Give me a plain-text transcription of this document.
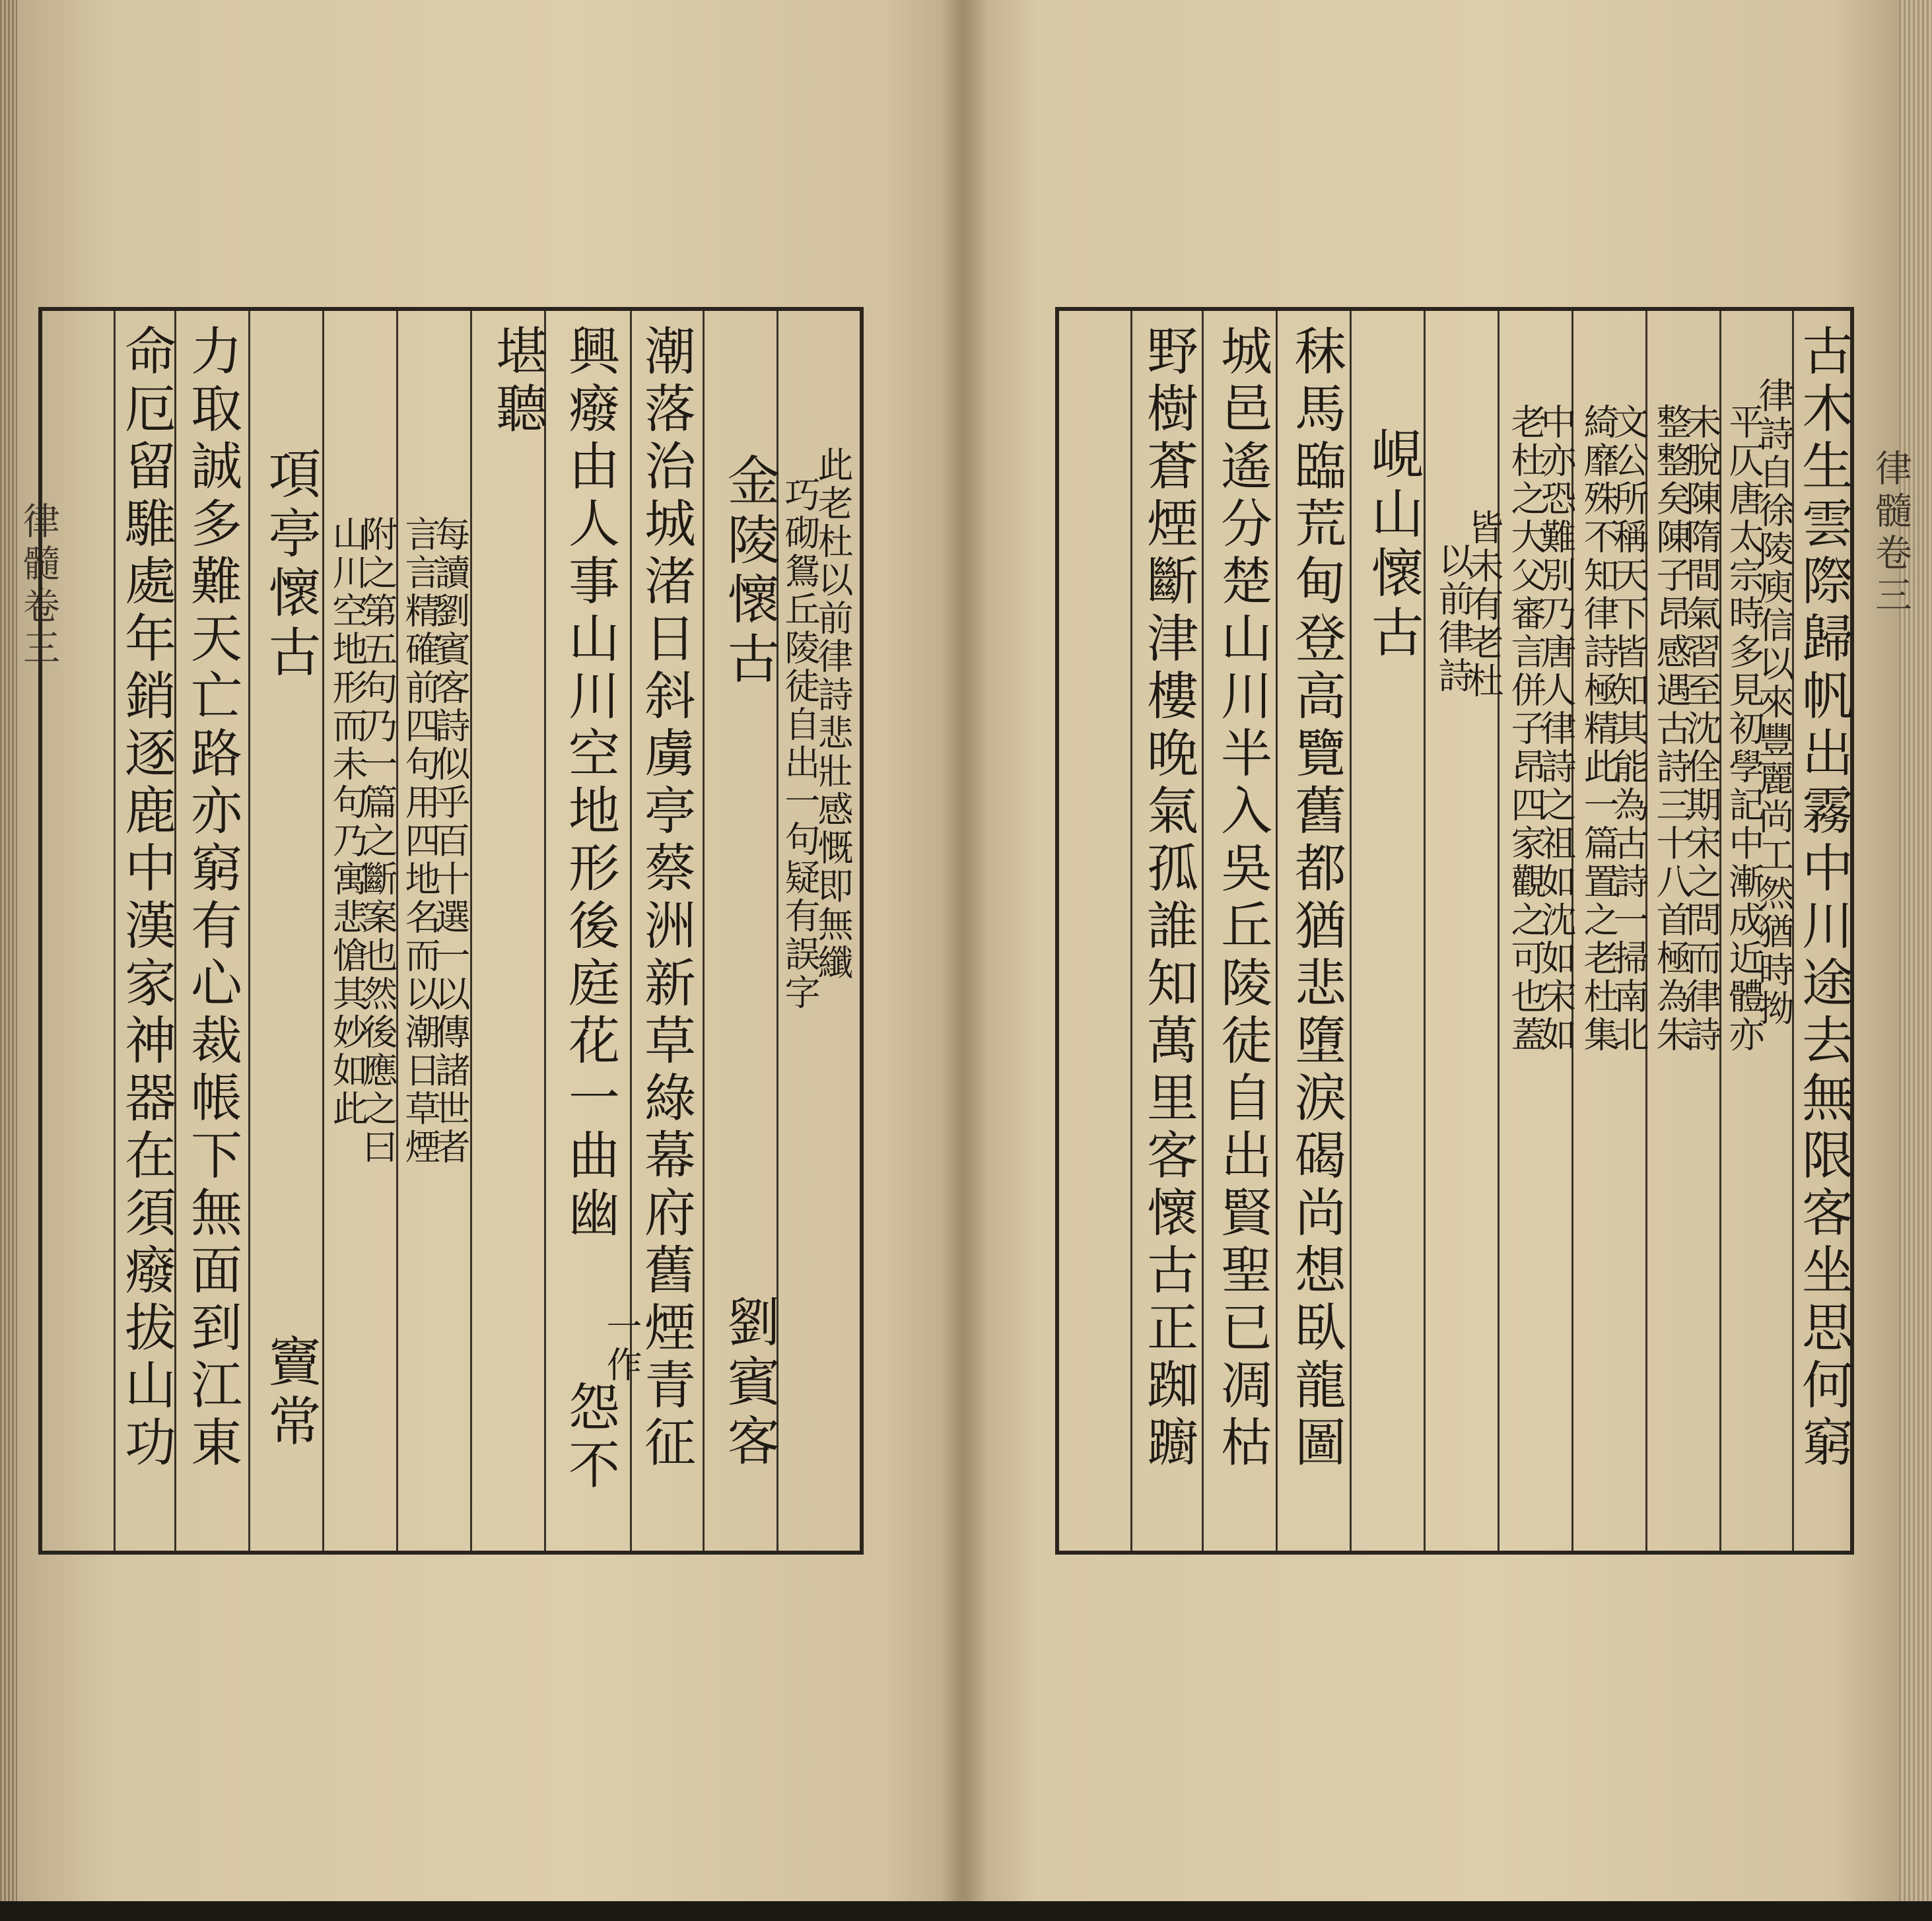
律髓卷三	此老杜以前律詩悲壯感慨即無纖
巧砌鴛丘陵徒自出一句疑有誤字
金陵懷古
劉賓客
潮落治城渚日斜虜亭蔡洲新草綠幕府舊煙青征
興癈由人事山川空地形後庭花一曲幽
一作
怨不
堪聽
每讀劉賓客詩似乎百十選一以傳諸世者
言言精確前四句用四地名而以潮日草煙
附之第五句乃一篇之斷案也然後應之曰
山川空地形而未句乃寓悲愴其妙如此
項亭懷古
竇常
力取誠多難天亡路亦窮有心裁帳下無面到江東
命厄留騅處年銷逐鹿中漢家神器在須癈拔山功	律髓卷三
古木生雲際歸帆出霧中川途去無限客坐思何窮
律詩自徐陵庾信以來豐麗尚工然猶時拗
平仄唐太宗時多見初學記中漸成近體亦
未脫陳隋間氣習至沈佺期宋之問而律詩
整整矣陳子昂感遇古詩三十八首極為朱
文公所稱天下皆知其能為古詩一掃南北
綺靡殊不知律詩極精此一篇置之老杜集
中亦恐難別乃唐人律詩之祖如沈如宋如
老杜之大父審言併子昂四家觀之可也蓋
皆未有老杜
以前律詩
峴山懷古
秣馬臨荒甸登高覽舊都猶悲墮淚碣尚想臥龍圖
城邑遙分楚山川半入吳丘陵徒自出賢聖已凋枯
野樹蒼煙斷津樓晚氣孤誰知萬里客懷古正踟躕
